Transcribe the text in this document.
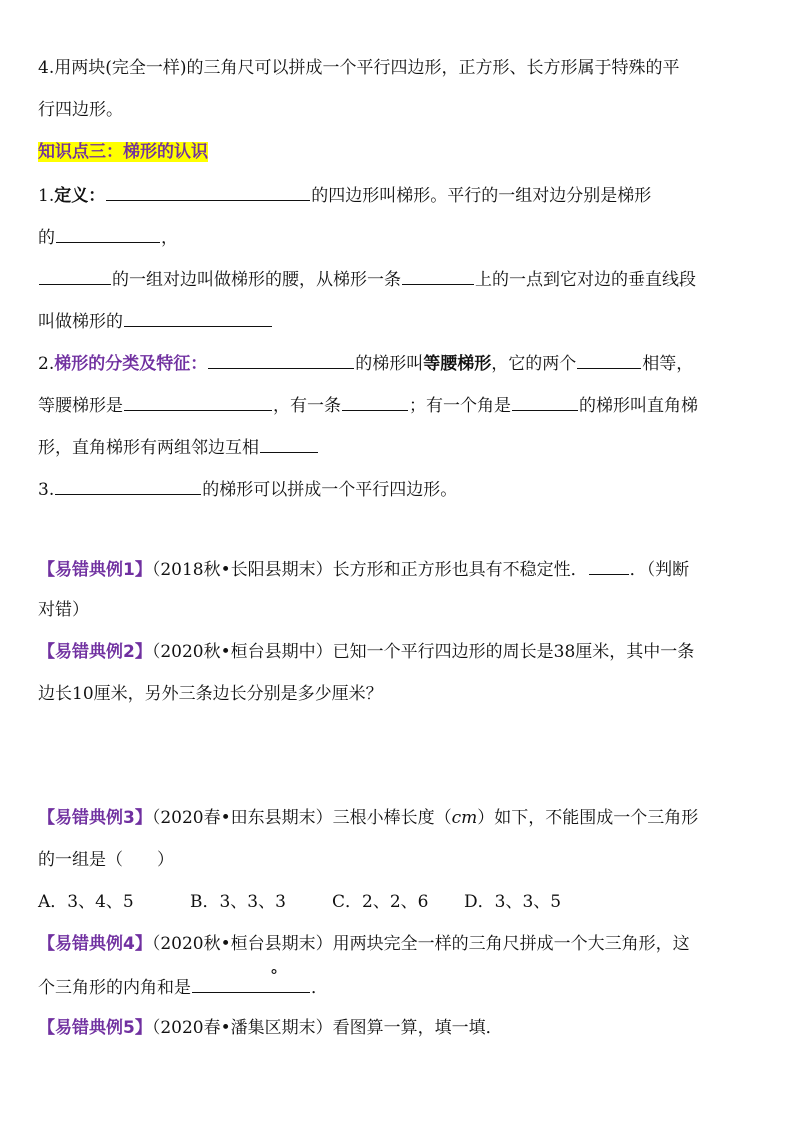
4.用两块(完全一样)的三角尺可以拼成一个平行四边形，正方形、长方形属于特殊的平
行四边形。
知识点三：梯形的认识
1.定义：	的四边形叫梯形。平行的一组对边分别是梯形
的	，
的一组对边叫做梯形的腰，从梯形一条	上的一点到它对边的垂直线段
叫做梯形的
2.梯形的分类及特征：	的梯形叫等腰梯形，它的两个	相等，
等腰梯形是	，有一条	；有一个角是	的梯形叫直角梯
形，直角梯形有两组邻边互相
3.	的梯形可以拼成一个平行四边形。
【易错典例1】（2018秋•长阳县期末）长方形和正方形也具有不稳定性． ．（判断
对错）
【易错典例2】（2020秋•桓台县期中）已知一个平行四边形的周长是38厘米，其中一条
边长10厘米，另外三条边长分别是多少厘米？
【易错典例3】（2020春•田东县期末）三根小棒长度（cm）如下，不能围成一个三角形
的一组是（　　）
A．3、4、5	B．3、3、3	C．2、2、6 D．3、3、5
【易错典例4】（2020秋•桓台县期末）用两块完全一样的三角尺拼成一个大三角形，这
个三角形的内角和是
°
．
【易错典例5】（2020春•潘集区期末）看图算一算，填一填．
